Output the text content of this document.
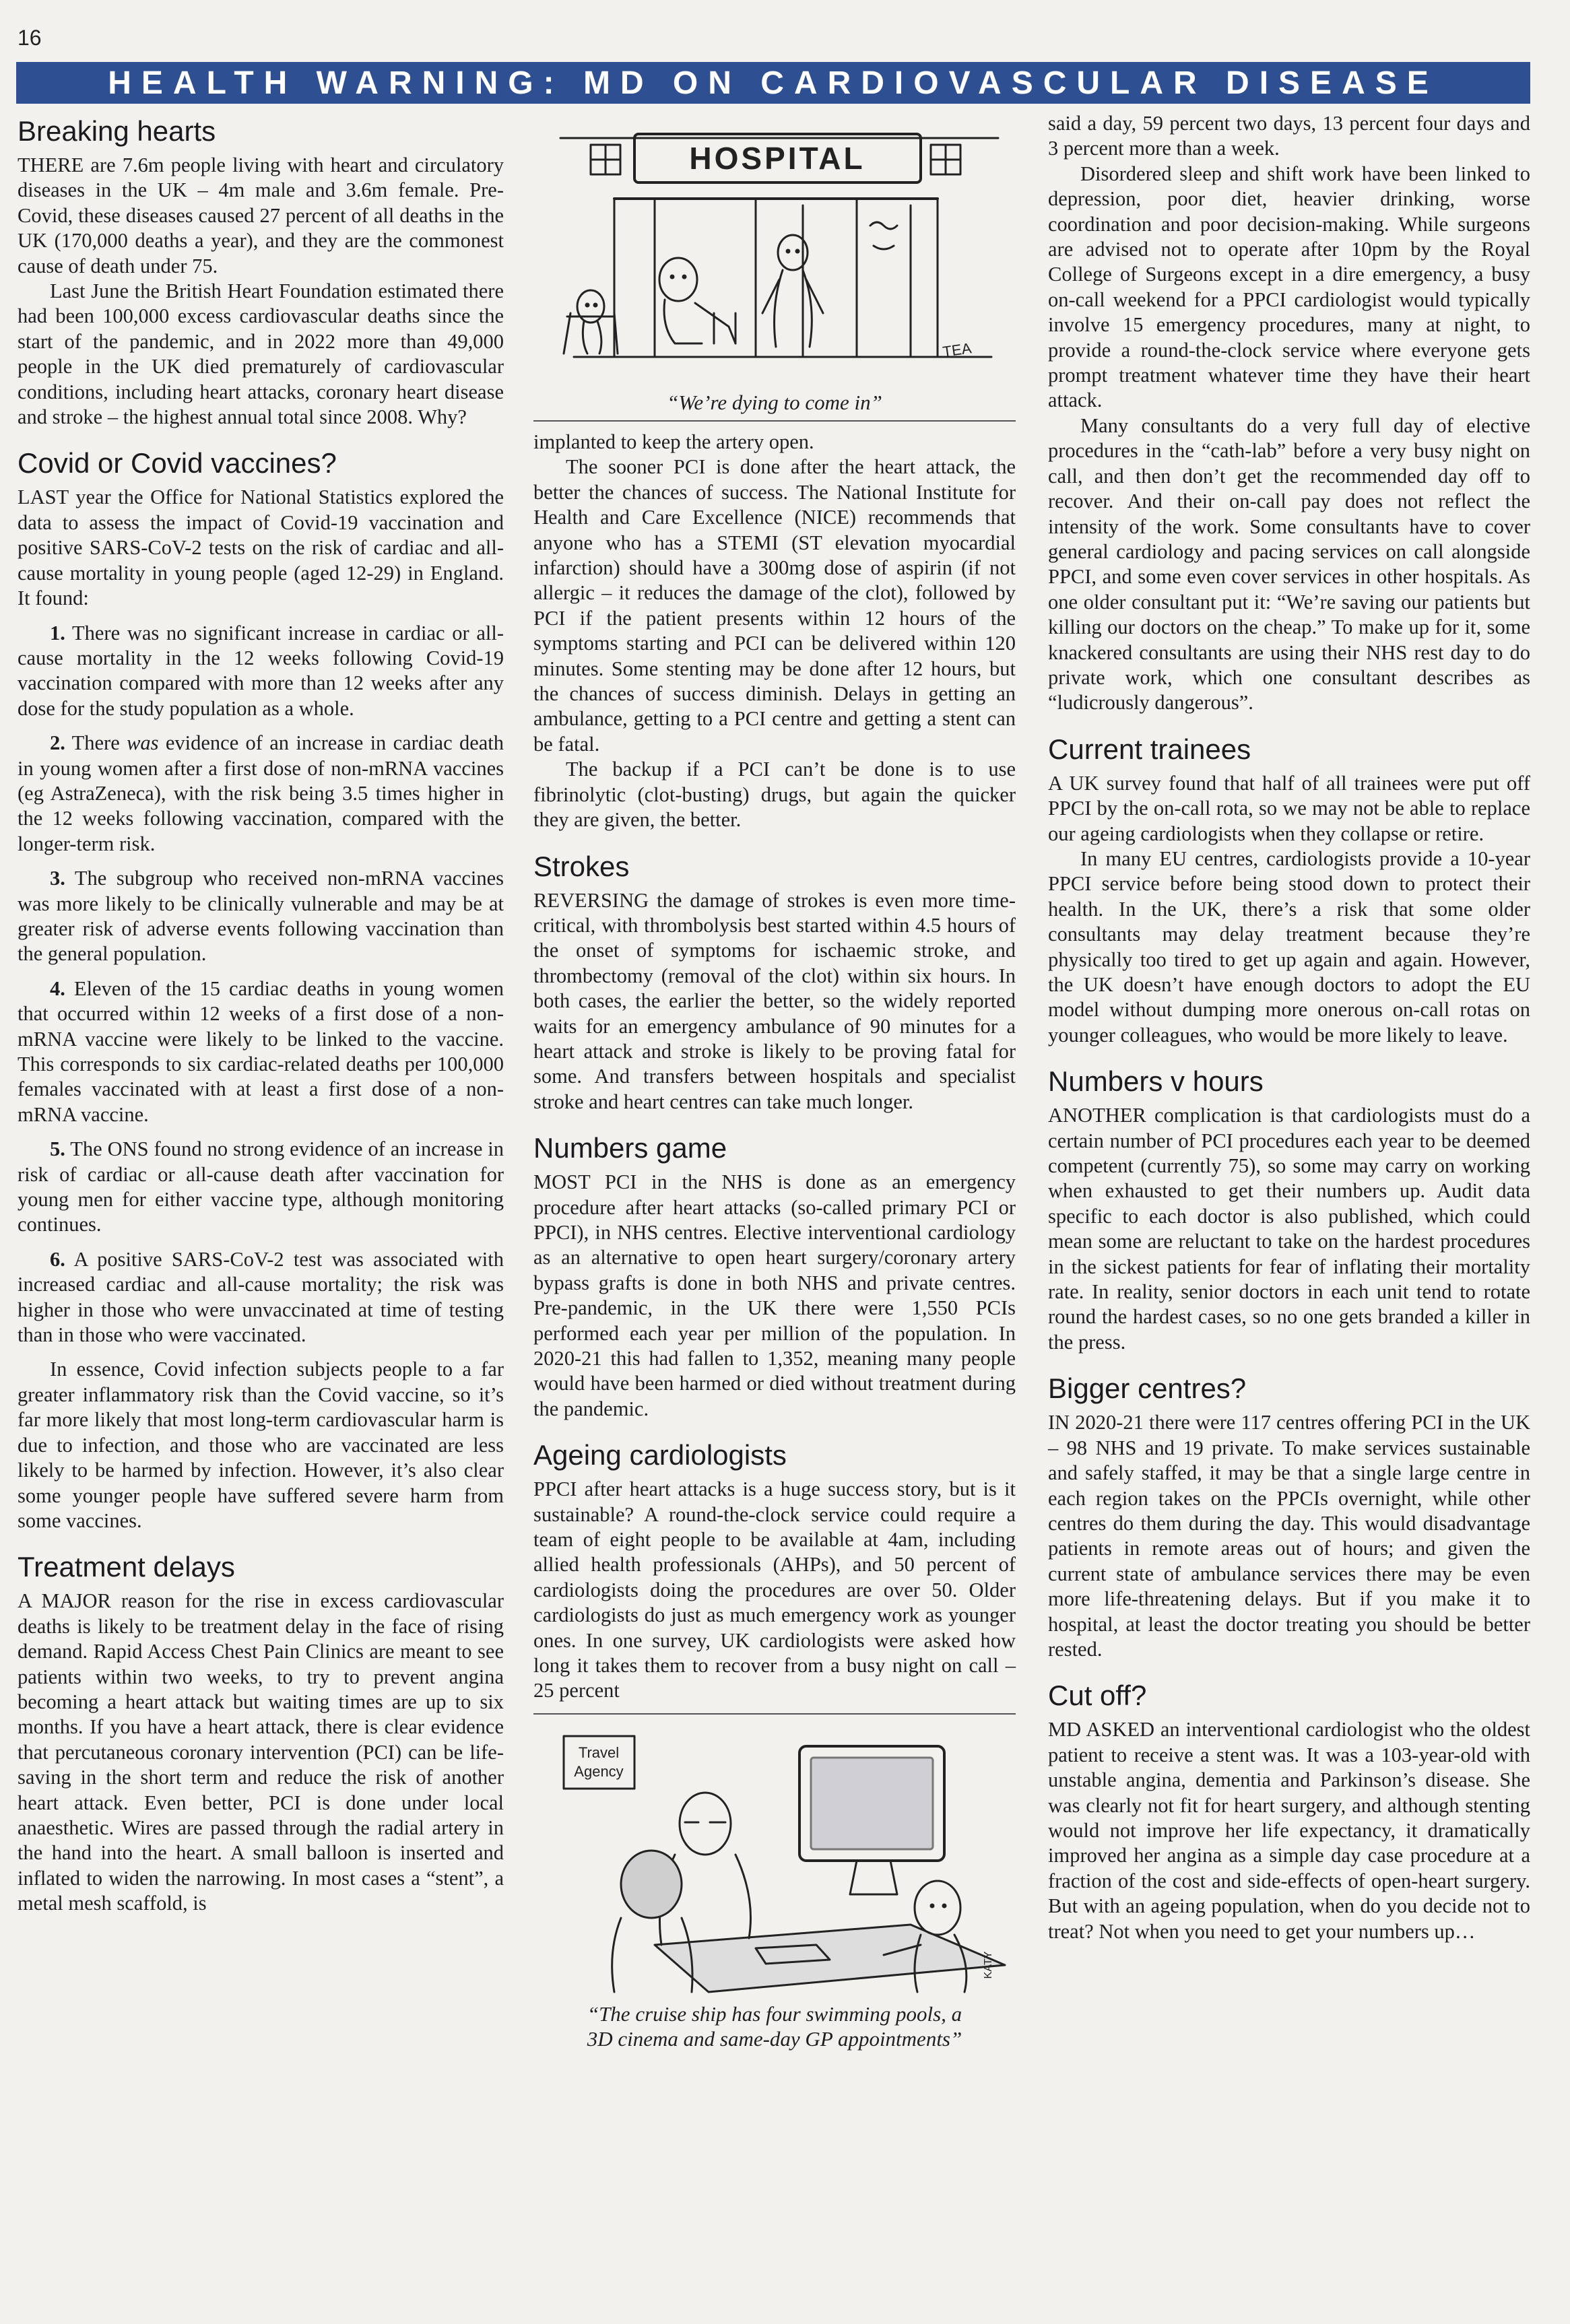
16
HEALTH WARNING: MD ON CARDIOVASCULAR DISEASE
Breaking hearts

THERE are 7.6m people living with heart and circulatory diseases in the UK – 4m male and 3.6m female. Pre-Covid, these diseases caused 27 percent of all deaths in the UK (170,000 deaths a year), and they are the commonest cause of death under 75.

Last June the British Heart Foundation estimated there had been 100,000 excess cardiovascular deaths since the start of the pandemic, and in 2022 more than 49,000 people in the UK died prematurely of cardiovascular conditions, including heart attacks, coronary heart disease and stroke – the highest annual total since 2008. Why?

Covid or Covid vaccines?

LAST year the Office for National Statistics explored the data to assess the impact of Covid-19 vaccination and positive SARS-CoV-2 tests on the risk of cardiac and all-cause mortality in young people (aged 12-29) in England. It found:

1. There was no significant increase in cardiac or all-cause mortality in the 12 weeks following Covid-19 vaccination compared with more than 12 weeks after any dose for the study population as a whole.

2. There was evidence of an increase in cardiac death in young women after a first dose of non-mRNA vaccines (eg AstraZeneca), with the risk being 3.5 times higher in the 12 weeks following vaccination, compared with the longer-term risk.

3. The subgroup who received non-mRNA vaccines was more likely to be clinically vulnerable and may be at greater risk of adverse events following vaccination than the general population.

4. Eleven of the 15 cardiac deaths in young women that occurred within 12 weeks of a first dose of a non-mRNA vaccine were likely to be linked to the vaccine. This corresponds to six cardiac-related deaths per 100,000 females vaccinated with at least a first dose of a non-mRNA vaccine.

5. The ONS found no strong evidence of an increase in risk of cardiac or all-cause death after vaccination for young men for either vaccine type, although monitoring continues.

6. A positive SARS-CoV-2 test was associated with increased cardiac and all-cause mortality; the risk was higher in those who were unvaccinated at time of testing than in those who were vaccinated.

In essence, Covid infection subjects people to a far greater inflammatory risk than the Covid vaccine, so it’s far more likely that most long-term cardiovascular harm is due to infection, and those who are vaccinated are less likely to be harmed by infection. However, it’s also clear some younger people have suffered severe harm from some vaccines.

Treatment delays

A MAJOR reason for the rise in excess cardiovascular deaths is likely to be treatment delay in the face of rising demand. Rapid Access Chest Pain Clinics are meant to see patients within two weeks, to try to prevent angina becoming a heart attack but waiting times are up to six months. If you have a heart attack, there is clear evidence that percutaneous coronary intervention (PCI) can be life-saving in the short term and reduce the risk of another heart attack. Even better, PCI is done under local anaesthetic. Wires are passed through the radial artery in the hand into the heart. A small balloon is inserted and inflated to widen the narrowing. In most cases a “stent”, a metal mesh scaffold, is

HOSPITAL
TEA
“We’re dying to come in”

implanted to keep the artery open.

The sooner PCI is done after the heart attack, the better the chances of success. The National Institute for Health and Care Excellence (NICE) recommends that anyone who has a STEMI (ST elevation myocardial infarction) should have a 300mg dose of aspirin (if not allergic – it reduces the damage of the clot), followed by PCI if the patient presents within 12 hours of the symptoms starting and PCI can be delivered within 120 minutes. Some stenting may be done after 12 hours, but the chances of success diminish. Delays in getting an ambulance, getting to a PCI centre and getting a stent can be fatal.

The backup if a PCI can’t be done is to use fibrinolytic (clot-busting) drugs, but again the quicker they are given, the better.

Strokes

REVERSING the damage of strokes is even more time-critical, with thrombolysis best started within 4.5 hours of the onset of symptoms for ischaemic stroke, and thrombectomy (removal of the clot) within six hours. In both cases, the earlier the better, so the widely reported waits for an emergency ambulance of 90 minutes for a heart attack and stroke is likely to be proving fatal for some. And transfers between hospitals and specialist stroke and heart centres can take much longer.

Numbers game

MOST PCI in the NHS is done as an emergency procedure after heart attacks (so-called primary PCI or PPCI), in NHS centres. Elective interventional cardiology as an alternative to open heart surgery/coronary artery bypass grafts is done in both NHS and private centres. Pre-pandemic, in the UK there were 1,550 PCIs performed each year per million of the population. In 2020-21 this had fallen to 1,352, meaning many people would have been harmed or died without treatment during the pandemic.

Ageing cardiologists

PPCI after heart attacks is a huge success story, but is it sustainable? A round-the-clock service could require a team of eight people to be available at 4am, including allied health professionals (AHPs), and 50 percent of cardiologists doing the procedures are over 50. Older cardiologists do just as much emergency work as younger ones. In one survey, UK cardiologists were asked how long it takes them to recover from a busy night on call – 25 percent

Travel
Agency
KATY
“The cruise ship has four swimming pools, a
3D cinema and same-day GP appointments”

said a day, 59 percent two days, 13 percent four days and 3 percent more than a week.

Disordered sleep and shift work have been linked to depression, poor diet, heavier drinking, worse coordination and poor decision-making. While surgeons are advised not to operate after 10pm by the Royal College of Surgeons except in a dire emergency, a busy on-call weekend for a PPCI cardiologist would typically involve 15 emergency procedures, many at night, to provide a round-the-clock service where everyone gets prompt treatment whatever time they have their heart attack.

Many consultants do a very full day of elective procedures in the “cath-lab” before a very busy night on call, and then don’t get the recommended day off to recover. And their on-call pay does not reflect the intensity of the work. Some consultants have to cover general cardiology and pacing services on call alongside PPCI, and some even cover services in other hospitals. As one older consultant put it: “We’re saving our patients but killing our doctors on the cheap.” To make up for it, some knackered consultants are using their NHS rest day to do private work, which one consultant describes as “ludicrously dangerous”.

Current trainees

A UK survey found that half of all trainees were put off PPCI by the on-call rota, so we may not be able to replace our ageing cardiologists when they collapse or retire.

In many EU centres, cardiologists provide a 10-year PPCI service before being stood down to protect their health. In the UK, there’s a risk that some older consultants may delay treatment because they’re physically too tired to get up again and again. However, the UK doesn’t have enough doctors to adopt the EU model without dumping more onerous on-call rotas on younger colleagues, who would be more likely to leave.

Numbers v hours

ANOTHER complication is that cardiologists must do a certain number of PCI procedures each year to be deemed competent (currently 75), so some may carry on working when exhausted to get their numbers up. Audit data specific to each doctor is also published, which could mean some are reluctant to take on the hardest procedures in the sickest patients for fear of inflating their mortality rate. In reality, senior doctors in each unit tend to rotate round the hardest cases, so no one gets branded a killer in the press.

Bigger centres?

IN 2020-21 there were 117 centres offering PCI in the UK – 98 NHS and 19 private. To make services sustainable and safely staffed, it may be that a single large centre in each region takes on the PPCIs overnight, while other centres do them during the day. This would disadvantage patients in remote areas out of hours; and given the current state of ambulance services there may be even more life-threatening delays. But if you make it to hospital, at least the doctor treating you should be better rested.

Cut off?

MD ASKED an interventional cardiologist who the oldest patient to receive a stent was. It was a 103-year-old with unstable angina, dementia and Parkinson’s disease. She was clearly not fit for heart surgery, and although stenting would not improve her life expectancy, it dramatically improved her angina as a simple day case procedure at a fraction of the cost and side-effects of open-heart surgery. But with an ageing population, when do you decide not to treat? Not when you need to get your numbers up…
